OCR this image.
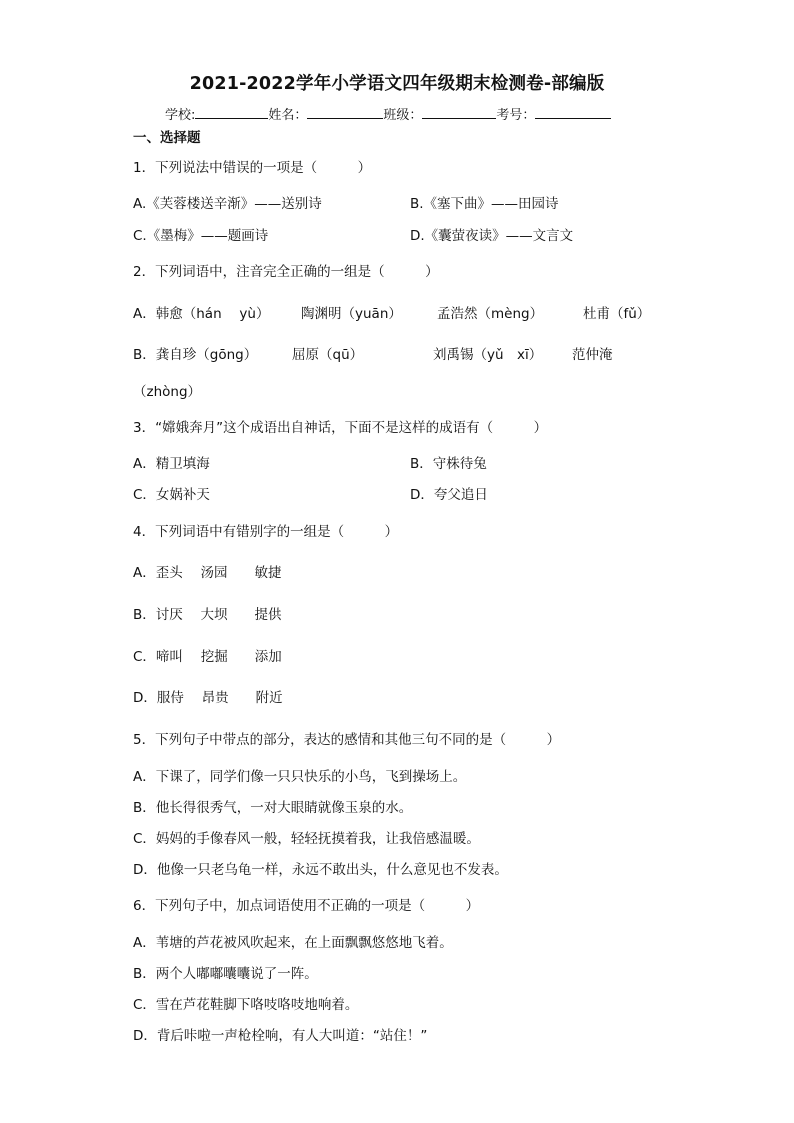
2021-2022学年小学语文四年级期末检测卷-部编版
学校:	姓名：	班级：	考号：
一、选择题
1．下列说法中错误的一项是（　　　）
A.《芙蓉楼送辛渐》——送别诗	B.《塞下曲》——田园诗
C.《墨梅》——题画诗	D.《囊萤夜读》——文言文
2．下列词语中，注音完全正确的一组是（　　　）
A．韩愈（hán　 yù） 陶渊明（yuān）	孟浩然（mèng）	杜甫（fǔ）
B．龚自珍（gōng）	屈原（qū）	刘禹锡（yǔ　xī） 范仲淹
（zhòng）
3．“嫦娥奔月”这个成语出自神话，下面不是这样的成语有（　　　）
A．精卫填海	B．守株待兔
C．女娲补天	D．夸父追日
4．下列词语中有错别字的一组是（　　　）
A．歪头　 汤园　　敏捷
B．讨厌　 大坝　　提供
C．啼叫　 挖掘　　添加
D．服侍　 昂贵　　附近
5．下列句子中带点的部分，表达的感情和其他三句不同的是（　　　）
A．下课了，同学们像一只只快乐的小鸟，飞到操场上。
B．他长得很秀气，一对大眼睛就像玉泉的水。
C．妈妈的手像春风一般，轻轻抚摸着我，让我倍感温暖。
D．他像一只老乌龟一样，永远不敢出头，什么意见也不发表。
6．下列句子中，加点词语使用不正确的一项是（　　　）
A．苇塘的芦花被风吹起来，在上面飘飘悠悠地飞着。
B．两个人嘟嘟囔囔说了一阵。
C．雪在芦花鞋脚下咯吱咯吱地响着。
D．背后咔啦一声枪栓响，有人大叫道：“站住！”
